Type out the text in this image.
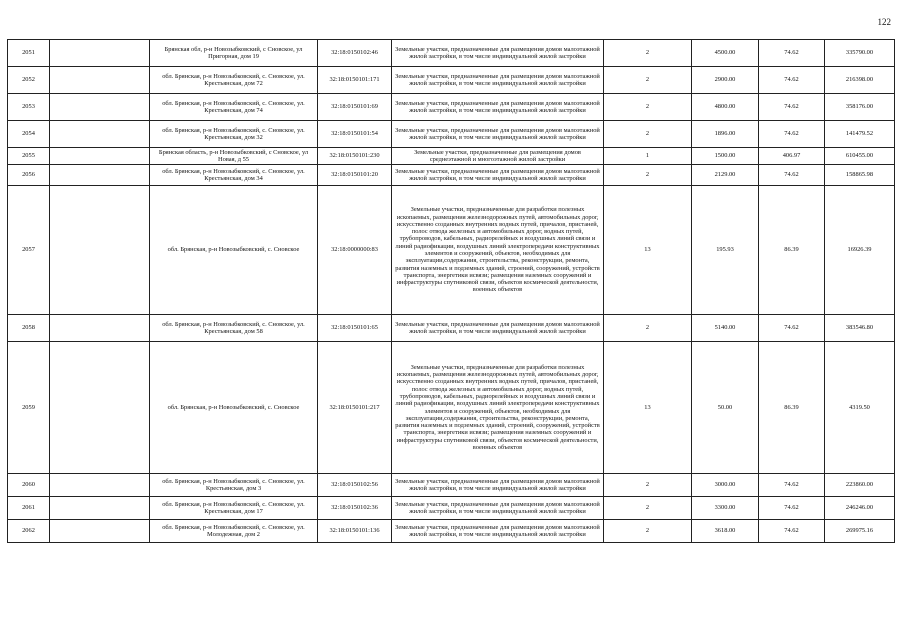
122
2051		Брянская обл, р-н Новозыбковский, с Сновское, ул Пригорная, дом 19	32:18:0150102:46	Земельные участки, предназначенные для размещения домов малоэтажной жилой застройки, в том числе индивидуальной жилой застройки	2	4500.00	74.62	335790.00
2052		обл. Брянская, р-н Новозыбковский, с. Сновское, ул. Крестьянская, дом 72	32:18:0150101:171	Земельные участки, предназначенные для размещения домов малоэтажной жилой застройки, в том числе индивидуальной жилой застройки	2	2900.00	74.62	216398.00
2053		обл. Брянская, р-н Новозыбковский, с. Сновское, ул. Крестьянская, дом 74	32:18:0150101:69	Земельные участки, предназначенные для размещения домов малоэтажной жилой застройки, в том числе индивидуальной жилой застройки	2	4800.00	74.62	358176.00
2054		обл. Брянская, р-н Новозыбковский, с. Сновское, ул. Крестьянская, дом 32	32:18:0150101:54	Земельные участки, предназначенные для размещения домов малоэтажной жилой застройки, в том числе индивидуальной жилой застройки	2	1896.00	74.62	141479.52
2055		Брянская область, р-н Новозыбковский, с Сновское, ул Новая, д 55	32:18:0150101:230	Земельные участки, предназначенные для размещения домов среднеэтажной и многоэтажной жилой застройки	1	1500.00	406.97	610455.00
2056		обл. Брянская, р-н Новозыбковский, с. Сновское, ул. Крестьянская, дом 34	32:18:0150101:20	Земельные участки, предназначенные для размещения домов малоэтажной жилой застройки, в том числе индивидуальной жилой застройки	2	2129.00	74.62	158865.98
2057		обл. Брянская, р-н Новозыбковский, с. Сновское	32:18:0000000:83	Земельные участки, предназначенные для разработки полезных ископаемых, размещения железнодорожных путей, автомобильных дорог, искусственно созданных внутренних водных путей, причалов, пристаней, полос отвода железных и автомобильных дорог, водных путей, трубопроводов, кабельных, радиорелейных и воздушных линий связи и линий радиофикации, воздушных линий электропередачи конструктивных элементов и сооружений, объектов, необходимых для эксплуатации,содержания, строительства, реконструкции, ремонта, развития наземных и подземных зданий, строений, сооружений, устройств транспорта, энергетики исвязи; размещения наземных сооружений и инфраструктуры спутниковой связи, объектов космической деятельности, военных объектов	13	195.93	86.39	16926.39
2058		обл. Брянская, р-н Новозыбковский, с. Сновское, ул. Крестьянская, дом 58	32:18:0150101:65	Земельные участки, предназначенные для размещения домов малоэтажной жилой застройки, в том числе индивидуальной жилой застройки	2	5140.00	74.62	383546.80
2059		обл. Брянская, р-н Новозыбковский, с. Сновское	32:18:0150101:217	Земельные участки, предназначенные для разработки полезных ископаемых, размещения железнодорожных путей, автомобильных дорог, искусственно созданных внутренних водных путей, причалов, пристаней, полос отвода железных и автомобильных дорог, водных путей, трубопроводов, кабельных, радиорелейных и воздушных линий связи и линий радиофикации, воздушных линий электропередачи конструктивных элементов и сооружений, объектов, необходимых для эксплуатации,содержания, строительства, реконструкции, ремонта, развития наземных и подземных зданий, строений, сооружений, устройств транспорта, энергетики исвязи; размещения наземных сооружений и инфраструктуры спутниковой связи, объектов космической деятельности, военных объектов	13	50.00	86.39	4319.50
2060		обл. Брянская, р-н Новозыбковский, с. Сновское, ул. Крестьянская, дом 3	32:18:0150102:56	Земельные участки, предназначенные для размещения домов малоэтажной жилой застройки, в том числе индивидуальной жилой застройки	2	3000.00	74.62	223860.00
2061		обл. Брянская, р-н Новозыбковский, с. Сновское, ул. Крестьянская, дом 17	32:18:0150102:36	Земельные участки, предназначенные для размещения домов малоэтажной жилой застройки, в том числе индивидуальной жилой застройки	2	3300.00	74.62	246246.00
2062		обл. Брянская, р-н Новозыбковский, с. Сновское, ул. Молодежная, дом 2	32:18:0150101:136	Земельные участки, предназначенные для размещения домов малоэтажной жилой застройки, в том числе индивидуальной жилой застройки	2	3618.00	74.62	269975.16
